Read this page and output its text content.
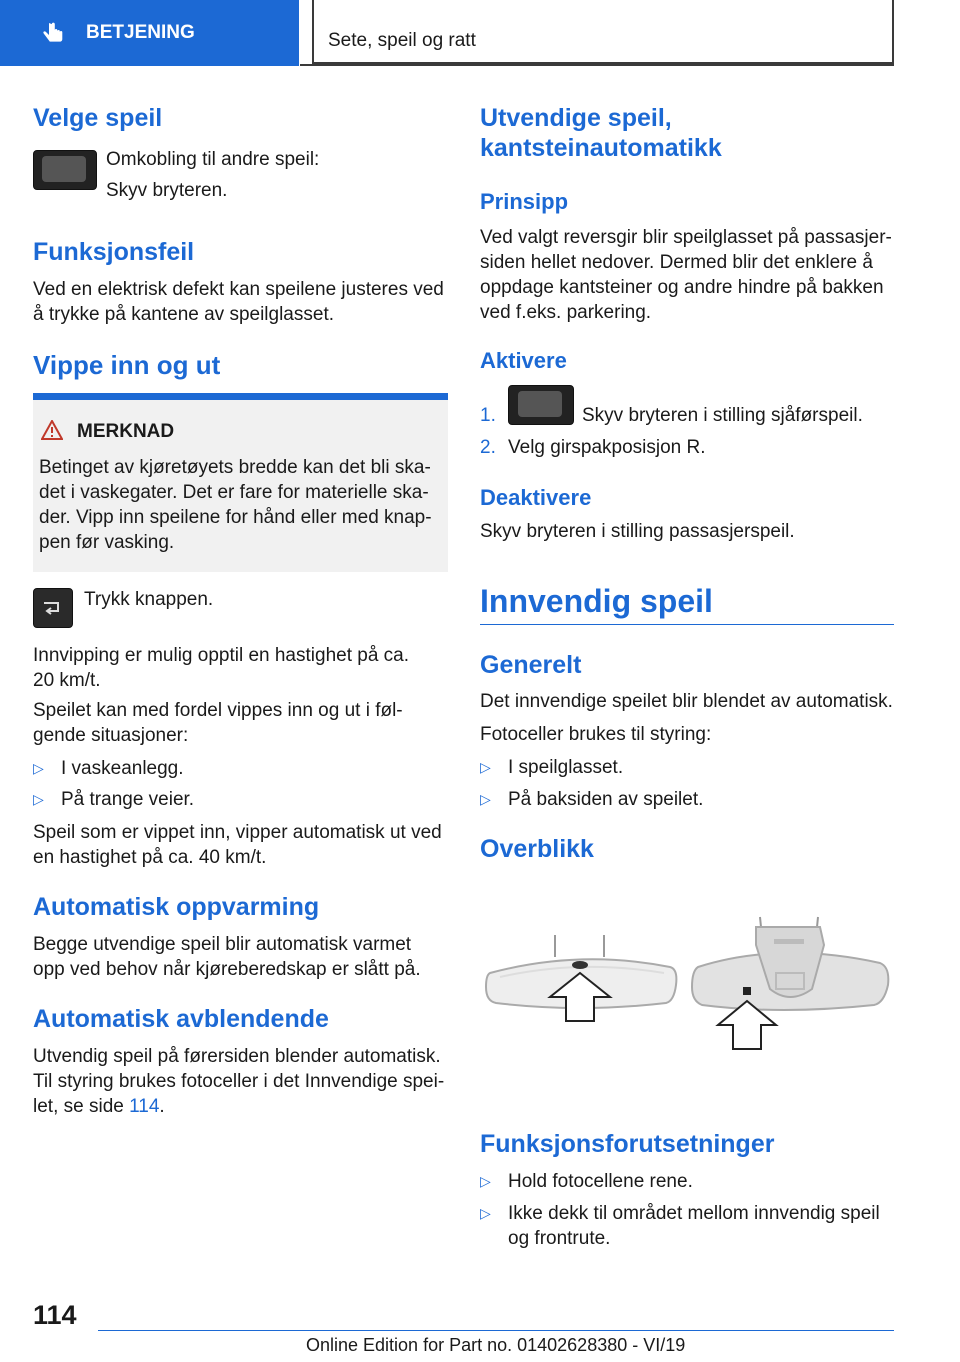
BETJENING	Sete, speil og ratt
Velge speil

Omkobling til andre speil:

Skyv bryteren.

Funksjonsfeil

Ved en elektrisk defekt kan speilene justeres ved

å trykke på kantene av speilglasset.

Vippe inn og ut
MERKNAD

Betinget av kjøretøyets bredde kan det bli ska-

det i vaskegater. Det er fare for materielle ska-

der. Vipp inn speilene for hånd eller med knap-

pen før vasking.

Trykk knappen.

Innvipping er mulig opptil en hastighet på ca.

20 km/t.

Speilet kan med fordel vippes inn og ut i føl-

gende situasjoner:

▷ I vaskeanlegg.
▷ På trange veier.

Speil som er vippet inn, vipper automatisk ut ved

en hastighet på ca. 40 km/t.

Automatisk oppvarming

Begge utvendige speil blir automatisk varmet

opp ved behov når kjøreberedskap er slått på.

Automatisk avblendende

Utvendig speil på førersiden blender automatisk.

Til styring brukes fotoceller i det Innvendige spei-

let, se side 114.

Utvendige speil,
kantsteinautomatikk
Prinsipp

Ved valgt reversgir blir speilglasset på passasjer-

siden hellet nedover. Dermed blir det enklere å

oppdage kantsteiner og andre hindre på bakken

ved f.eks. parkering.

Aktivere
1.	Skyv bryteren i stilling sjåførspeil.
2. Velg girspakposisjon R.
Deaktivere

Skyv bryteren i stilling passasjerspeil.

Innvendig speil
Generelt

Det innvendige speilet blir blendet av automatisk.

Fotoceller brukes til styring:

▷ I speilglasset.
▷ På baksiden av speilet.
Overblikk
Funksjonsforutsetninger
▷ Hold fotocellene rene.
▷ Ikke dekk til området mellom innvendig speil

og frontrute.

114
Online Edition for Part no. 01402628380 - VI/19
